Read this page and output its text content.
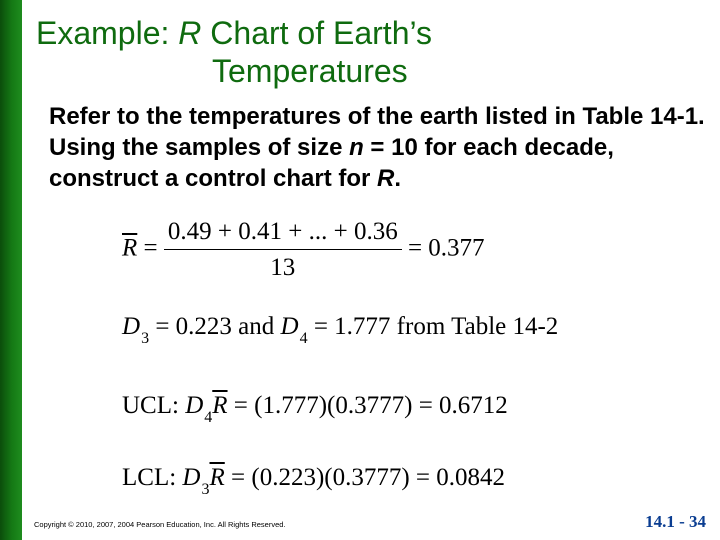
Example: R Chart of Earth’s
Temperatures
Refer to the temperatures of the earth listed in Table 14-1. Using the samples of size n = 10 for each decade, construct a control chart for R.
$\overline{R} = \frac{0.49 + 0.41 + ... + 0.36}{13} = 0.377$
$D_3 = 0.223$ and $D_4 = 1.777$ from Table 14-2
UCL: $D_4\overline{R} = (1.777)(0.3777) = 0.6712$
LCL: $D_3\overline{R} = (0.223)(0.3777) = 0.0842$
Copyright © 2010, 2007, 2004 Pearson Education, Inc. All Rights Reserved.	14.1 - 34
